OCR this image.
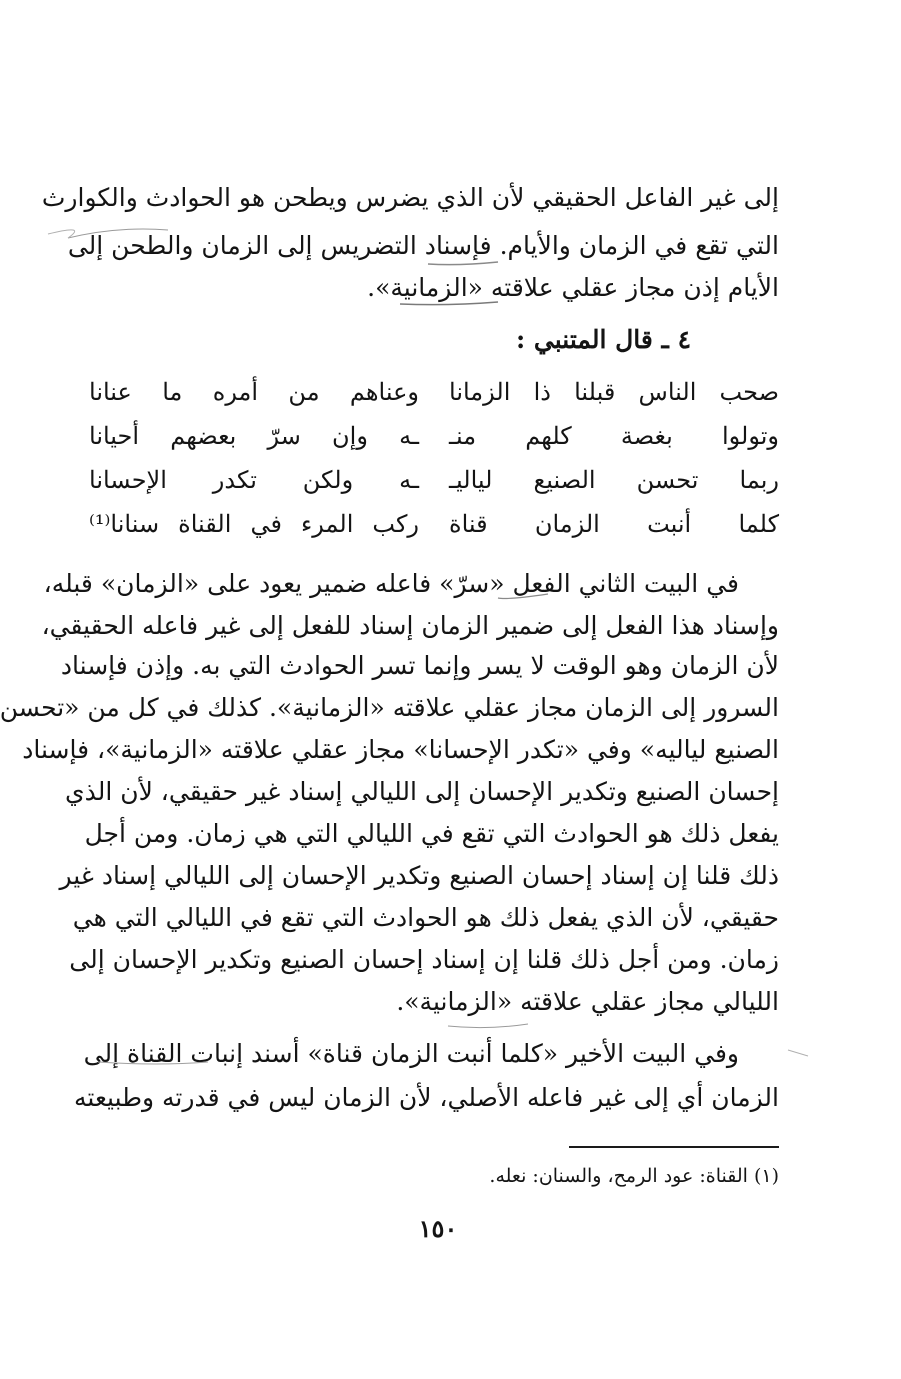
إلى غير الفاعل الحقيقي لأن الذي يضرس ويطحن هو الحوادث والكوارث
التي تقع في الزمان والأيام. فإسناد التضريس إلى الزمان والطحن إلى
الأيام إذن مجاز عقلي علاقته «الزمانية».
٤ ـ قال المتنبي :
صحب الناس قبلنا ذا الزمانا
وعناهم من أمره ما عنانا
وتولوا بغصة كلهم منـ
ـه وإن سرّ بعضهم أحيانا
ربما تحسن الصنيع لياليـ
ـه ولكن تكدر الإحسانا
كلما أنبت الزمان قناة
ركب المرء في القناة سنانا⁽¹⁾
في البيت الثاني الفعل «سرّ» فاعله ضمير يعود على «الزمان» قبله،
وإسناد هذا الفعل إلى ضمير الزمان إسناد للفعل إلى غير فاعله الحقيقي،
لأن الزمان وهو الوقت لا يسر وإنما تسر الحوادث التي به. وإذن فإسناد
السرور إلى الزمان مجاز عقلي علاقته «الزمانية». كذلك في كل من «تحسن
الصنيع لياليه» وفي «تكدر الإحسانا» مجاز عقلي علاقته «الزمانية»، فإسناد
إحسان الصنيع وتكدير الإحسان إلى الليالي إسناد غير حقيقي، لأن الذي
يفعل ذلك هو الحوادث التي تقع في الليالي التي هي زمان. ومن أجل
ذلك قلنا إن إسناد إحسان الصنيع وتكدير الإحسان إلى الليالي إسناد غير
حقيقي، لأن الذي يفعل ذلك هو الحوادث التي تقع في الليالي التي هي
زمان. ومن أجل ذلك قلنا إن إسناد إحسان الصنيع وتكدير الإحسان إلى
الليالي مجاز عقلي علاقته «الزمانية».
وفي البيت الأخير «كلما أنبت الزمان قناة» أسند إنبات القناة إلى
الزمان أي إلى غير فاعله الأصلي، لأن الزمان ليس في قدرته وطبيعته
(١) القناة: عود الرمح، والسنان: نعله.
١٥٠
